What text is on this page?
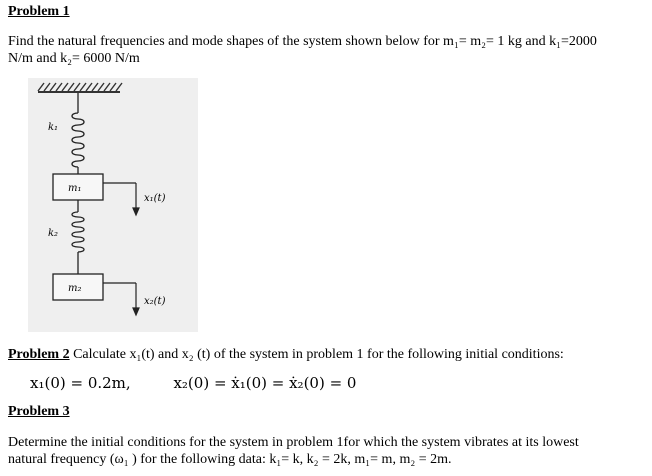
Problem 1
Find the natural frequencies and mode shapes of the system shown below for m₁= m₂= 1 kg and k₁=2000
N/m and k₂= 6000 N/m
k₁
m₁
x₁(t)
k₂
m₂
x₂(t)
Problem 2 Calculate x₁(t) and x₂ (t) of the system in problem 1 for the following initial conditions:
x₁(0) = 0.2m,	x₂(0) = ẋ₁(0) = ẋ₂(0) = 0
Problem 3
Determine the initial conditions for the system in problem 1for which the system vibrates at its lowest
natural frequency (ω₁ ) for the following data: k₁= k, k₂ = 2k, m₁= m, m₂ = 2m.
